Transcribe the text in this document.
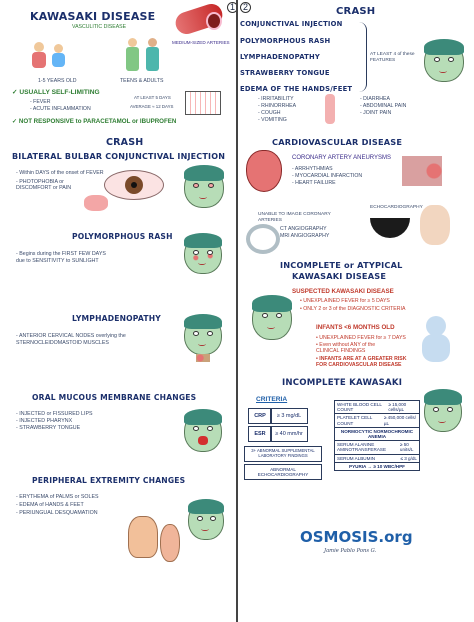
1 2
KAWASAKI DISEASE
VASCULITIC DISEASE
MEDIUM-SIZED ARTERIES
1-5 YEARS OLD	TEENS & ADULTS
✓ USUALLY SELF-LIMITING
- FEVER
- ACUTE INFLAMMATION
AT LEAST 5 DAYS
AVERAGE ≈ 12 DAYS
✓ NOT RESPONSIVE to PARACETAMOL or IBUPROFEN
CRASH
BILATERAL BULBAR CONJUNCTIVAL INJECTION
- Within DAYS of the onset of FEVER
- PHOTOPHOBIA or
DISCOMFORT or PAIN
POLYMORPHOUS RASH
- Begins during the FIRST FEW DAYS
due to SENSITIVITY to SUNLIGHT
LYMPHADENOPATHY
- ANTERIOR CERVICAL NODES overlying the
STERNOCLEIDOMASTOID MUSCLES
ORAL MUCOUS MEMBRANE CHANGES
- INJECTED or FISSURED LIPS
- INJECTED PHARYNX
- STRAWBERRY TONGUE
PERIPHERAL EXTREMITY CHANGES
- ERYTHEMA of PALMS or SOLES
- EDEMA of HANDS & FEET
- PERIUNGUAL DESQUAMATION
CRASH
CONJUNCTIVAL INJECTION
POLYMORPHOUS RASH
LYMPHADENOPATHY
STRAWBERRY TONGUE
EDEMA OF THE HANDS/FEET
AT LEAST 4 of these FEATURES
- IRRITABILITY
- RHINORRHEA
- COUGH
- VOMITING
- DIARRHEA
- ABDOMINAL PAIN
- JOINT PAIN
CARDIOVASCULAR DISEASE
CORONARY ARTERY ANEURYSMS
- ARRHYTHMIAS
- MYOCARDIAL INFARCTION
- HEART FAILURE
ECHOCARDIOGRAPHY
UNABLE TO IMAGE CORONARY ARTERIES
CT ANGIOGRAPHY
MRI ANGIOGRAPHY
INCOMPLETE or ATYPICAL
KAWASAKI DISEASE
SUSPECTED KAWASAKI DISEASE
• UNEXPLAINED FEVER for ≥ 5 DAYS
• ONLY 2 or 3 of the DIAGNOSTIC CRITERIA
INFANTS <6 MONTHS OLD
• UNEXPLAINED FEVER for ≥ 7 DAYS
• Even without ANY of the
CLINICAL FINDINGS
• INFANTS ARE AT A GREATER RISK
FOR CARDIOVASCULAR DISEASE
INCOMPLETE KAWASAKI
CRITERIA
CRP	≥ 3 mg/dL
ESR	≥ 40 mm/hr
3+ ABNORMAL SUPPLEMENTAL LABORATORY FINDINGS
ABNORMAL ECHOCARDIOGRAPHY
WHITE BLOOD CELL COUNT
≥ 15,000 cells/µL
PLATELET CELL COUNT
≥ 450,000 cells/µL
NORMOCYTIC NORMOCHROMIC ANEMIA
SERUM ALANINE AMINOTRANSFERASE
≥ 50 units/L
SERUM ALBUMIN	≤ 3 g/dL
PYURIA → ≥ 10 WBC/HPF
OSMOSIS.org
Jamie Pablo Pons G.
